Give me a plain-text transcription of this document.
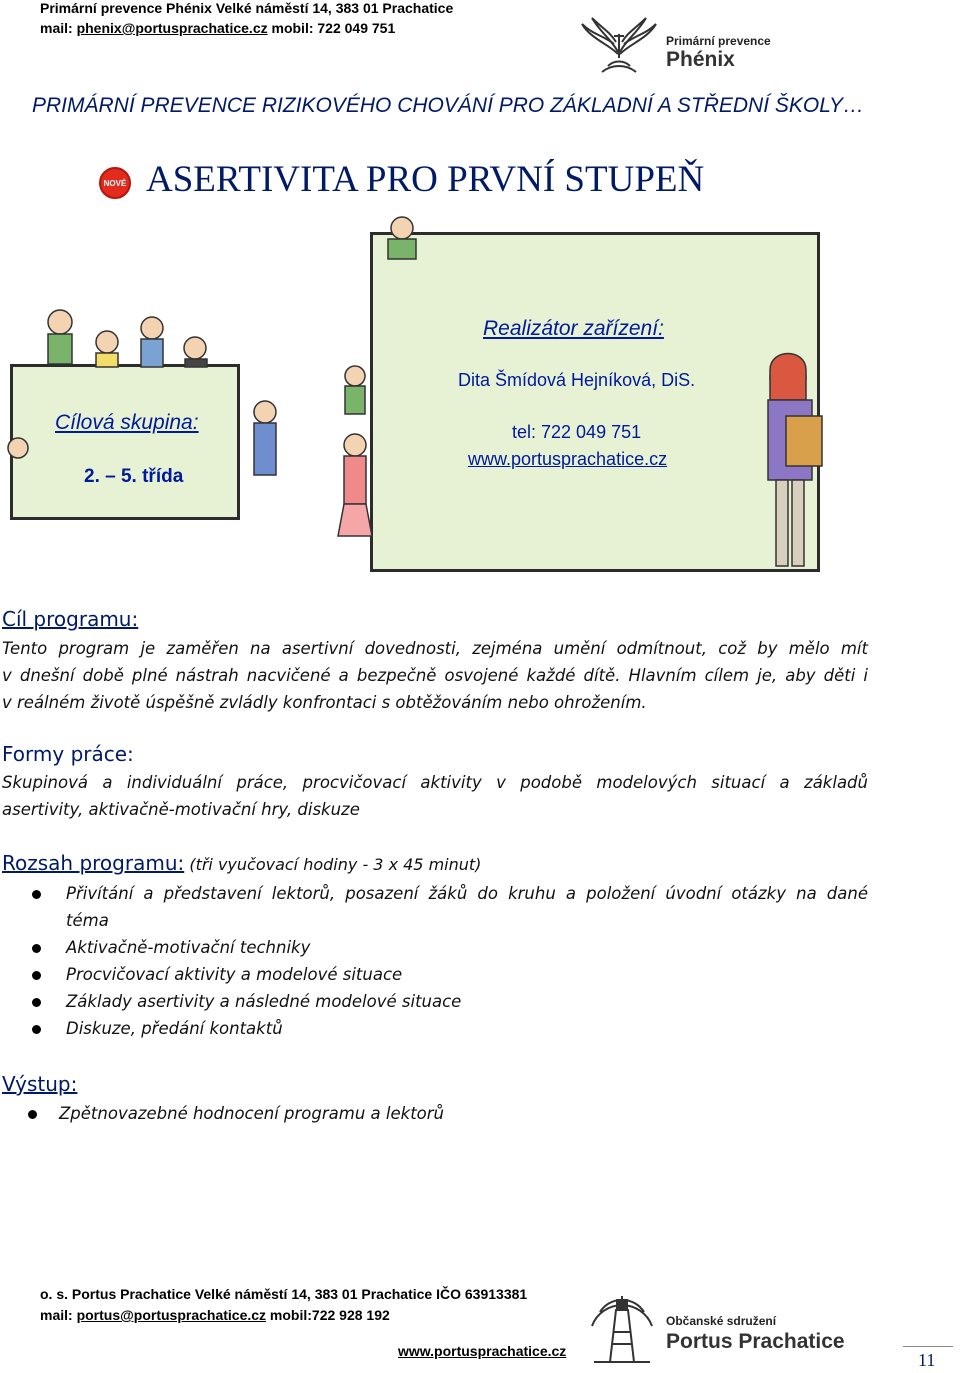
Primární prevence Phénix Velké náměstí 14, 383 01 Prachatice
mail: phenix@portusprachatice.cz mobil: 722 049 751
Primární prevence
Phénix
PRIMÁRNÍ PREVENCE RIZIKOVÉHO CHOVÁNÍ PRO ZÁKLADNÍ A STŘEDNÍ ŠKOLY…
NOVÉ ASERTIVITA PRO PRVNÍ STUPEŇ
Realizátor zařízení:
Dita Šmídová Hejníková, DiS.
tel: 722 049 751
www.portusprachatice.cz
Cílová skupina:
2. – 5. třída
Cíl programu:
Tento program je zaměřen na asertivní dovednosti, zejména umění odmítnout, což by mělo mít
v dnešní době plné nástrah nacvičené a bezpečně osvojené každé dítě. Hlavním cílem je, aby děti i
v reálném životě úspěšně zvládly konfrontaci s obtěžováním nebo ohrožením.
Formy práce:
Skupinová a individuální práce, procvičovací aktivity v podobě modelových situací a základů
asertivity, aktivačně-motivační hry, diskuze
Rozsah programu: (tři vyučovací hodiny - 3 x 45 minut)
Přivítání a představení lektorů, posazení žáků do kruhu a položení úvodní otázky na dané
téma
Aktivačně-motivační techniky
Procvičovací aktivity a modelové situace
Základy asertivity a následné modelové situace
Diskuze, předání kontaktů
Výstup:
Zpětnovazebné hodnocení programu a lektorů
o. s. Portus Prachatice Velké náměstí 14, 383 01 Prachatice IČO 63913381
mail: portus@portusprachatice.cz mobil:722 928 192
www.portusprachatice.cz
Občanské sdružení
Portus Prachatice
11
